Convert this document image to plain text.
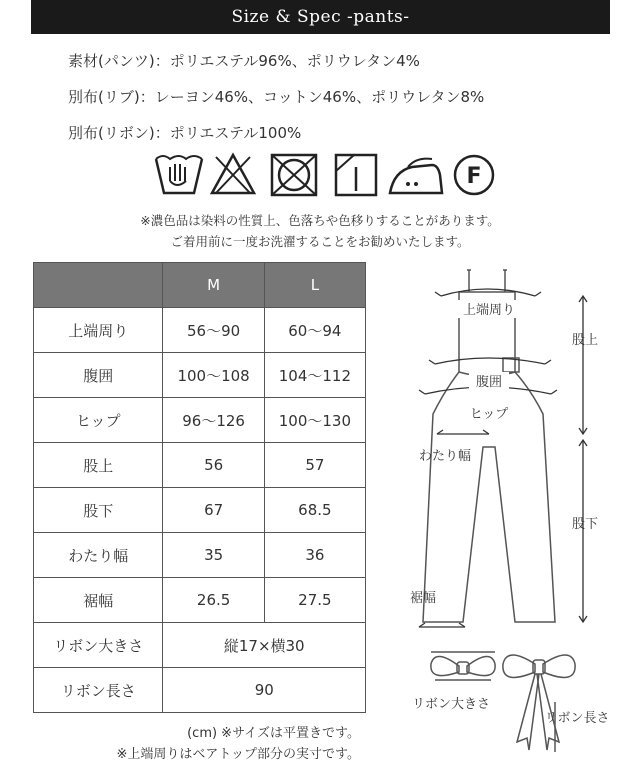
Size & Spec -pants-
素材(パンツ)：ポリエステル96%、ポリウレタン4%
別布(リブ)：レーヨン46%、コットン46%、ポリウレタン8%
別布(リボン)：ポリエステル100%
F
※濃色品は染料の性質上、色落ちや色移りすることがあります。
ご着用前に一度お洗濯することをお勧めいたします。
	M	L
上端周り	56〜90	60〜94
腹囲	100〜108	104〜112
ヒップ	96〜126	100〜130
股上	56	57
股下	67	68.5
わたり幅	35	36
裾幅	26.5	27.5
リボン大きさ	縦17×横30	
リボン長さ	90	
(cm) ※サイズは平置きです。
※上端周りはベアトップ部分の実寸です。
上端周り
腹囲
ヒップ
股上
わたり幅
股下
裾幅
リボン大きさ
リボン長さ
